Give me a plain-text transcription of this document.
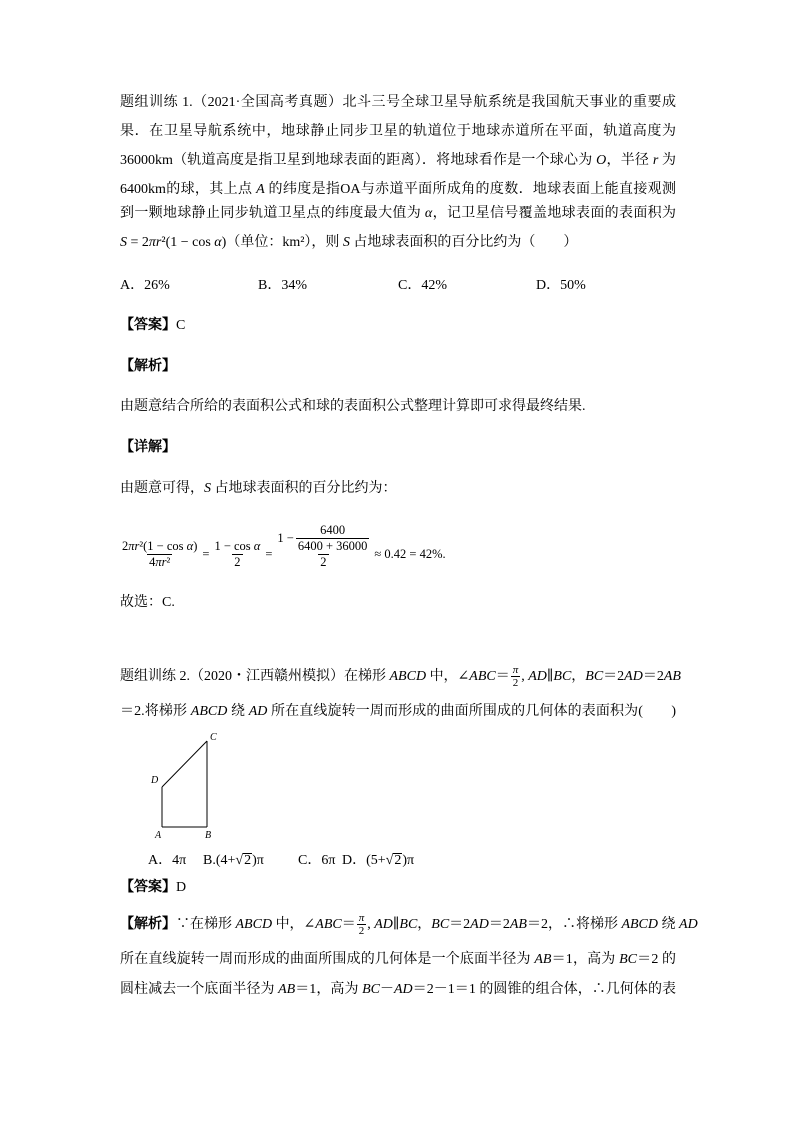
题组训练 1.（2021·全国高考真题）北斗三号全球卫星导航系统是我国航天事业的重要成
果．在卫星导航系统中，地球静止同步卫星的轨道位于地球赤道所在平面，轨道高度为
36000km（轨道高度是指卫星到地球表面的距离）．将地球看作是一个球心为 O，半径 r 为
6400km的球，其上点 A 的纬度是指OA与赤道平面所成角的度数．地球表面上能直接观测
到一颗地球静止同步轨道卫星点的纬度最大值为 α，记卫星信号覆盖地球表面的表面积为
S = 2πr²(1 − cos α)（单位：km²），则 S 占地球表面积的百分比约为（　　）
A．26%	B．34%	C．42%	D．50%
【答案】C
【解析】
由题意结合所给的表面积公式和球的表面积公式整理计算即可求得最终结果.
【详解】
由题意可得，S 占地球表面积的百分比约为：
$\frac{\text{2πr²(1 − cos α)}}{\text{4πr²}} = \frac{\text{1 − cos α}}{2} = \frac{1 - \frac{6400}{6400 + 36000}}{2} \approx 0.42 = 42\%$.
故选：C.
题组训练 2.（2020・江西赣州模拟）在梯形 ABCD 中，∠ABC＝ $\frac{\pi}{2}$ , AD∥BC，BC＝2AD＝2AB
＝2.将梯形 ABCD 绕 AD 所在直线旋转一周而形成的曲面所围成的几何体的表面积为(　　)
C
D
A	B
A．4π B.(4+√2)π C．6π D．(5+√2)π
【答案】D
【解析】∵在梯形 ABCD 中，∠ABC＝ $\frac{\pi}{2}$ , AD∥BC，BC＝2AD＝2AB＝2，∴将梯形 ABCD 绕 AD
所在直线旋转一周而形成的曲面所围成的几何体是一个底面半径为 AB＝1，高为 BC＝2 的
圆柱减去一个底面半径为 AB＝1，高为 BC－AD＝2－1＝1 的圆锥的组合体，∴几何体的表
